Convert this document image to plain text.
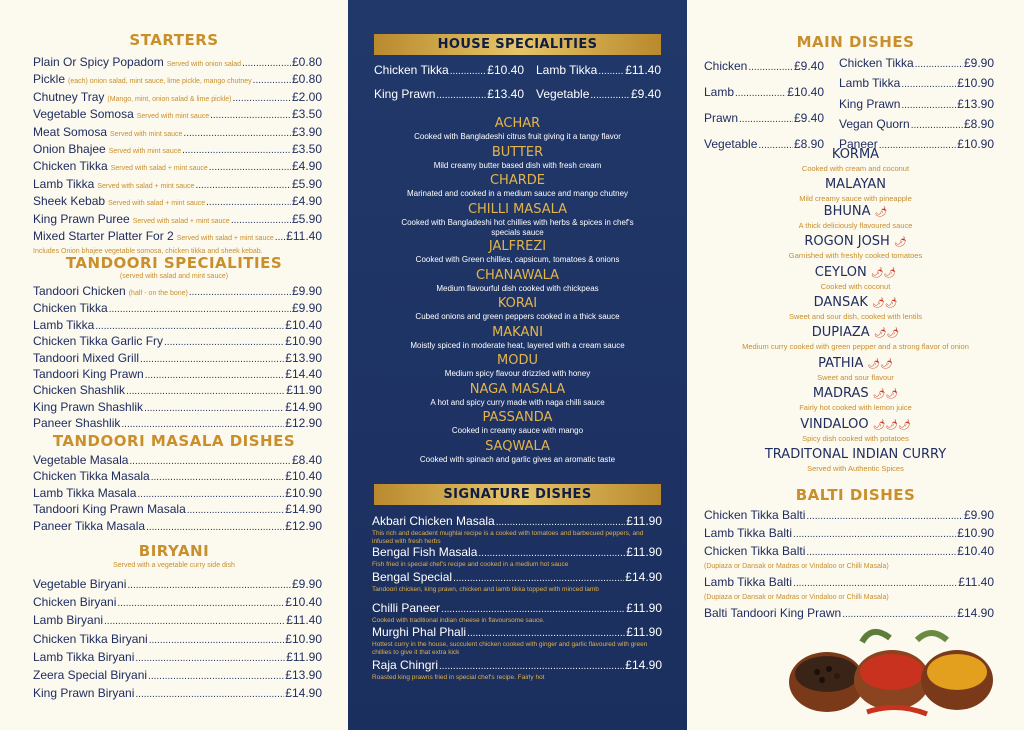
STARTERS
Plain Or Spicy Popadom Served with onion salad .....	£0.80
Pickle (each) onion salad, mint sauce, lime pickle, mango chutney .....	£0.80
Chutney Tray (Mango, mint, onion salad & lime pickle) .....	£2.00
Vegetable Somosa Served with mint sauce .....	£3.50
Meat Somosa Served with mint sauce .....	£3.90
Onion Bhajee Served with mint sauce .....	£3.50
Chicken Tikka Served with salad + mint sauce .....	£4.90
Lamb Tikka Served with salad + mint sauce .....	£5.90
Sheek Kebab Served with salad + mint sauce .....	£4.90
King Prawn Puree Served with salad + mint sauce .....	£5.90
Mixed Starter Platter For 2 Served with salad + mint sauce ..... £11.40
Includes Onion bhajee vegetable somosa, chicken tikka and sheek kebab.
TANDOORI SPECIALITIES
(served with salad and mint sauce)
Tandoori Chicken (half - on the bone) .....	£9.90
Chicken Tikka .....	£9.90
Lamb Tikka .....	£10.40
Chicken Tikka Garlic Fry .....	£10.90
Tandoori Mixed Grill .....	£13.90
Tandoori King Prawn .....	£14.40
Chicken Shashlik .....	£11.90
King Prawn Shashlik .....	£14.90
Paneer Shashlik .....	£12.90
TANDOORI MASALA DISHES
Vegetable Masala .....	£8.40
Chicken Tikka Masala .....	£10.40
Lamb Tikka Masala .....	£10.90
Tandoori King Prawn Masala .....	£14.90
Paneer Tikka Masala .....	£12.90
BIRYANI
Served with a vegetable curry side dish
Vegetable Biryani .....	£9.90
Chicken Biryani .....	£10.40
Lamb Biryani .....	£11.40
Chicken Tikka Biryani .....	£10.90
Lamb Tikka Biryani .....	£11.90
Zeera Special Biryani .....	£13.90
King Prawn Biryani .....	£14.90
HOUSE SPECIALITIES
Chicken Tikka .....	£10.40 Lamb Tikka ..... £11.40
King Prawn .....	£13.40 Vegetable .....	£9.40
ACHAR
Cooked with Bangladeshi citrus fruit giving it a tangy flavor
BUTTER
Mild creamy butter based dish with fresh cream
CHARDE
Marinated and cooked in a medium sauce and mango chutney
CHILLI MASALA
Cooked with Bangladeshi hot chillies with herbs & spices in chef's specials sauce
JALFREZI
Cooked with Green chillies, capsicum, tomatoes & onions
CHANAWALA
Medium flavourful dish cooked with chickpeas
KORAI
Cubed onions and green peppers cooked in a thick sauce
MAKANI
Moistly spiced in moderate heat, layered with a cream sauce
MODU
Medium spicy flavour drizzled with honey
NAGA MASALA
A hot and spicy curry made with naga chilli sauce
PASSANDA
Cooked in creamy sauce with mango
SAQWALA
Cooked with spinach and garlic gives an aromatic taste
SIGNATURE DISHES
Akbari Chicken Masala .....	£11.90
This rich and decadent mughlai recipe is a cooked with tomatoes and barbecued peppers, and infused with fresh herbs
Bengal Fish Masala .....	£11.90
Fish fried in special chef's recipe and cooked in a medium hot sauce
Bengal Special .....	£14.90
Tandoori chicken, king prawn, chicken and lamb tikka topped with minced lamb
Chilli Paneer .....	£11.90
Cooked with traditional indian cheese in flavoursome sauce.
Murghi Phal Phali .....	£11.90
Hottest curry in the house, succulent chicken cooked with ginger and garlic flavoured with green chillies to give it that extra kick
Raja Chingri .....	£14.90
Roasted king prawns fried in special chef's recipe. Fairly hot
MAIN DISHES
Chicken .....	£9.40
Lamb .....	£10.40
Prawn .....	£9.40
Vegetable .....	£8.90
Chicken Tikka .....	£9.90
Lamb Tikka .....	£10.90
King Prawn .....	£13.90
Vegan Quorn .....	£8.90
Paneer .....	£10.90
KORMA
Cooked with cream and coconut
MALAYAN
Mild creamy sauce with pineapple
BHUNA 🌶
A thick deliciously flavoured sauce
ROGON JOSH 🌶
Garnished with freshly cooked tomatoes
CEYLON 🌶🌶
Cooked with coconut
DANSAK 🌶🌶
Sweet and sour dish, cooked with lentils
DUPIAZA 🌶🌶
Medium curry cooked with green pepper and a strong flavor of onion
PATHIA 🌶🌶
Sweet and sour flavour
MADRAS 🌶🌶
Fairly hot cooked with lemon juice
VINDALOO 🌶🌶🌶
Spicy dish cooked with potatoes
TRADITONAL INDIAN CURRY
Served with Authentic Spices
BALTI DISHES
Chicken Tikka Balti .....	£9.90
Lamb Tikka Balti .....	£10.90
Chicken Tikka Balti .....	£10.40
(Dupiaza or Dansak or Madras or Vindaloo or Chilli Masala)
Lamb Tikka Balti .....	£11.40
(Dupiaza or Dansak or Madras or Vindaloo or Chilli Masala)
Balti Tandoori King Prawn .....	£14.90
